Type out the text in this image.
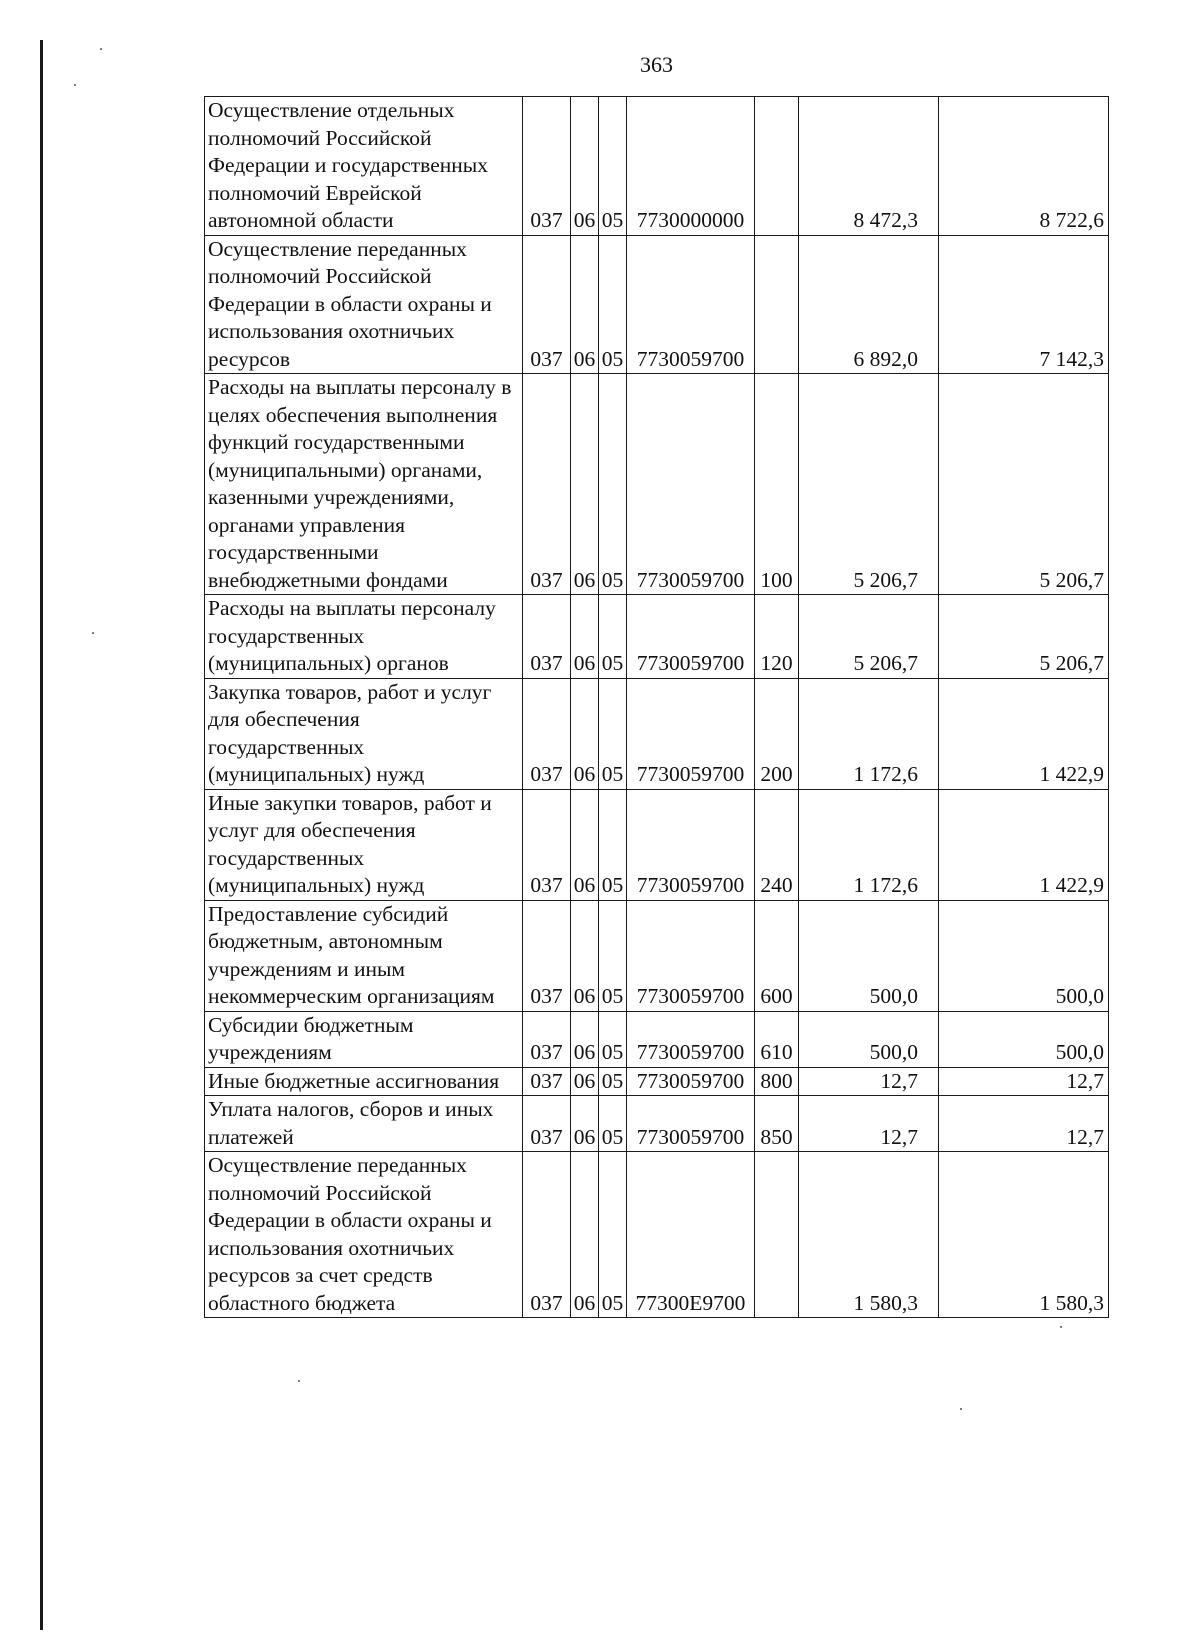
363
Осуществление отдельных полномочий Российской Федерации и государственных полномочий Еврейской автономной области	037	06	05	7730000000		8 472,3	8 722,6
Осуществление переданных полномочий Российской Федерации в области охраны и использования охотничьих ресурсов	037	06	05	7730059700		6 892,0	7 142,3
Расходы на выплаты персоналу в целях обеспечения выполнения функций государственными (муниципальными) органами, казенными учреждениями, органами управления государственными внебюджетными фондами	037	06	05	7730059700	100	5 206,7	5 206,7
Расходы на выплаты персоналу государственных (муниципальных) органов	037	06	05	7730059700	120	5 206,7	5 206,7
Закупка товаров, работ и услуг для обеспечения государственных (муниципальных) нужд	037	06	05	7730059700	200	1 172,6	1 422,9
Иные закупки товаров, работ и услуг для обеспечения государственных (муниципальных) нужд	037	06	05	7730059700	240	1 172,6	1 422,9
Предоставление субсидий бюджетным, автономным учреждениям и иным некоммерческим организациям	037	06	05	7730059700	600	500,0	500,0
Субсидии бюджетным учреждениям	037	06	05	7730059700	610	500,0	500,0
Иные бюджетные ассигнования	037	06	05	7730059700	800	12,7	12,7
Уплата налогов, сборов и иных платежей	037	06	05	7730059700	850	12,7	12,7
Осуществление переданных полномочий Российской Федерации в области охраны и использования охотничьих ресурсов за счет средств областного бюджета	037	06	05	77300Е9700		1 580,3	1 580,3
